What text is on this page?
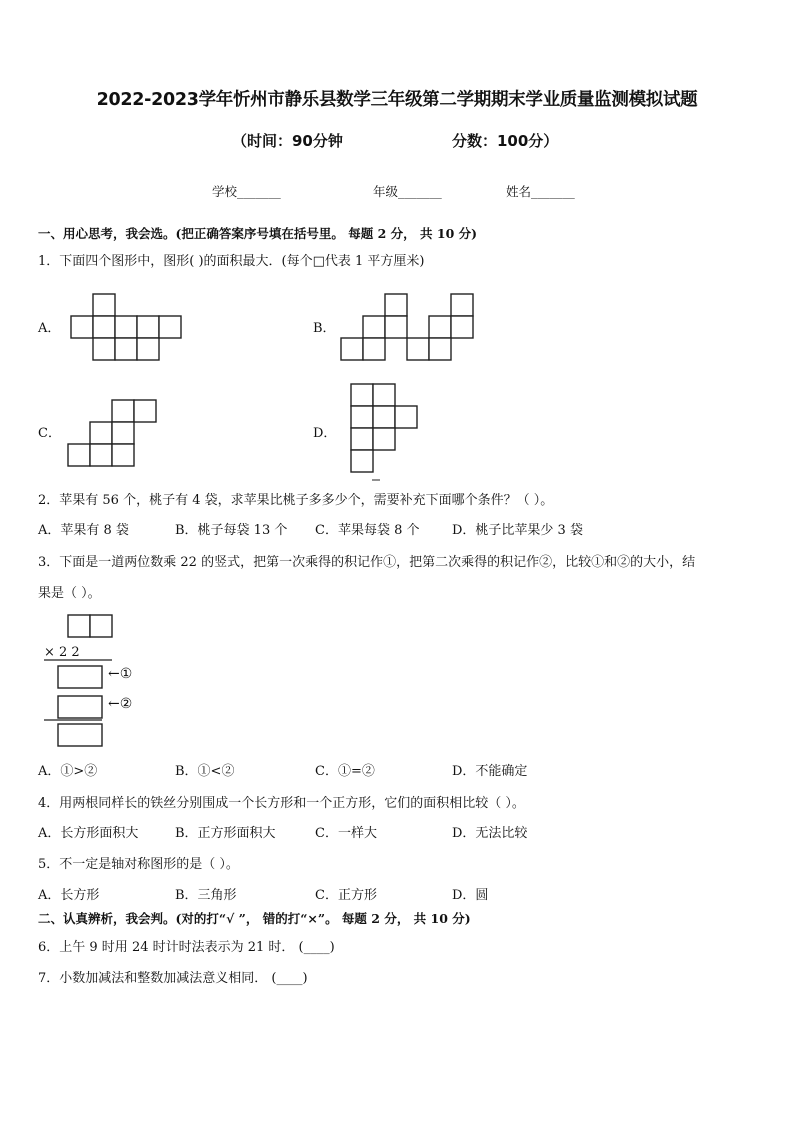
2022-2023学年忻州市静乐县数学三年级第二学期期末学业质量监测模拟试题
（时间：90分钟	分数：100分）
学校_______	年级_______	姓名_______
一、用心思考，我会选。(把正确答案序号填在括号里。 每题 2 分， 共 10 分)
1．下面四个图形中，图形( )的面积最大．(每个□代表 1 平方厘米)
A．	B．
C．	D．
2．苹果有 56 个，桃子有 4 袋，求苹果比桃子多多少个，需要补充下面哪个条件？（ ）。
A．苹果有 8 袋	B．桃子每袋 13 个 C．苹果每袋 8 个	D．桃子比苹果少 3 袋
3．下面是一道两位数乘 22 的竖式，把第一次乘得的积记作①，把第二次乘得的积记作②，比较①和②的大小，结
果是（ ）。
× 2 2
←①
←②
A．①>②	B．①<②	C．①=②	D．不能确定
4．用两根同样长的铁丝分别围成一个长方形和一个正方形，它们的面积相比较（ ）。
A．长方形面积大	B．正方形面积大	C．一样大	D．无法比较
5．不一定是轴对称图形的是（ ）。
A．长方形	B．三角形	C．正方形	D．圆
二、认真辨析，我会判。(对的打“√ ”， 错的打“×”。 每题 2 分， 共 10 分)
6．上午 9 时用 24 时计时法表示为 21 时． (____)
7．小数加减法和整数加减法意义相同． (____)
